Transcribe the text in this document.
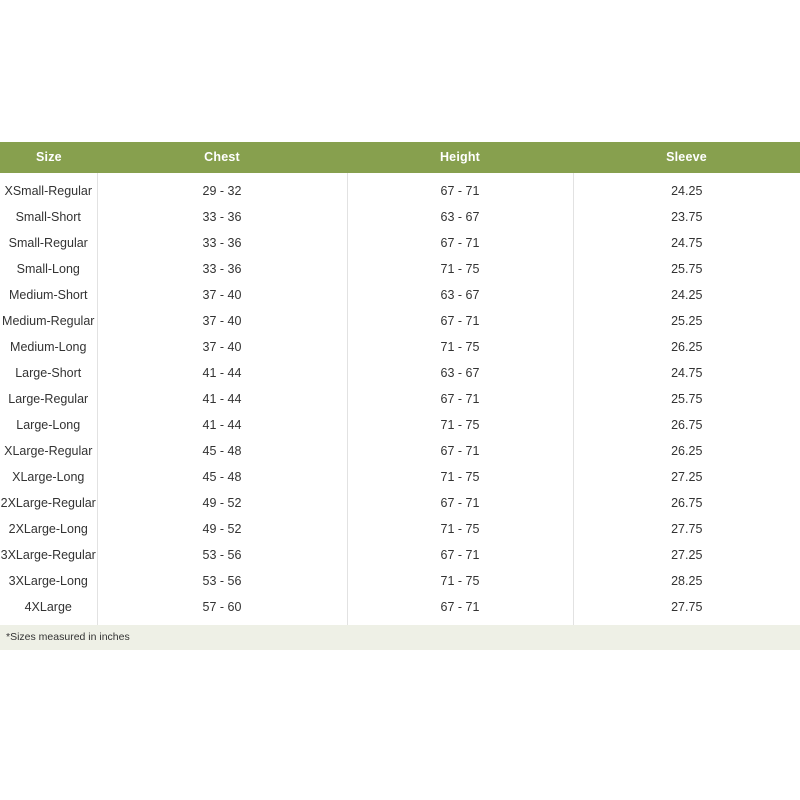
Size	Chest	Height	Sleeve
XSmall-Regular	29 - 32	67 - 71	24.25
Small-Short	33 - 36	63 - 67	23.75
Small-Regular	33 - 36	67 - 71	24.75
Small-Long	33 - 36	71 - 75	25.75
Medium-Short	37 - 40	63 - 67	24.25
Medium-Regular	37 - 40	67 - 71	25.25
Medium-Long	37 - 40	71 - 75	26.25
Large-Short	41 - 44	63 - 67	24.75
Large-Regular	41 - 44	67 - 71	25.75
Large-Long	41 - 44	71 - 75	26.75
XLarge-Regular	45 - 48	67 - 71	26.25
XLarge-Long	45 - 48	71 - 75	27.25
2XLarge-Regular	49 - 52	67 - 71	26.75
2XLarge-Long	49 - 52	71 - 75	27.75
3XLarge-Regular	53 - 56	67 - 71	27.25
3XLarge-Long	53 - 56	71 - 75	28.25
4XLarge	57 - 60	67 - 71	27.75
*Sizes measured in inches
